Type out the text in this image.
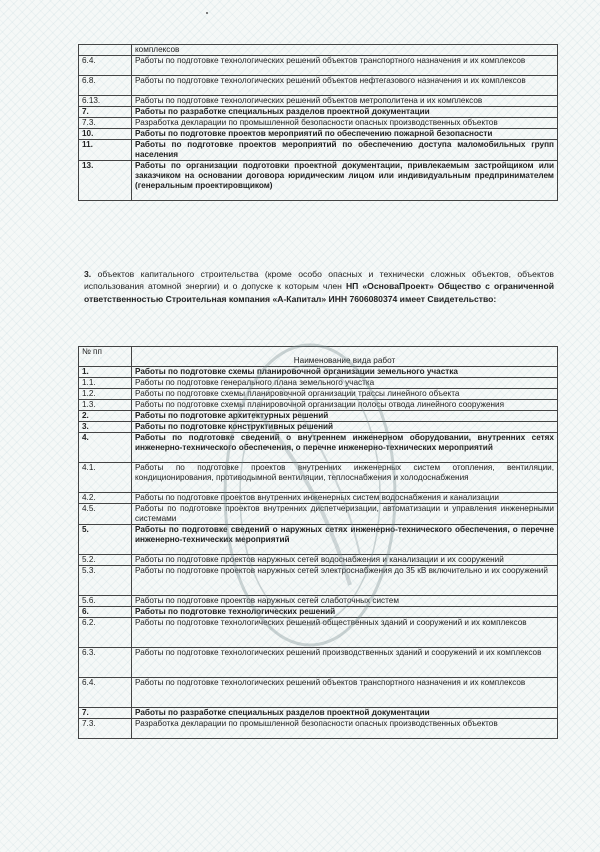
	комплексов
6.4.	Работы по подготовке технологических решений объектов транспортного назначения и их комплексов
6.8.	Работы по подготовке технологических решений объектов нефтегазового назначения и их комплексов
6.13.	Работы по подготовке технологических решений объектов метрополитена и их комплексов
7.	Работы по разработке специальных разделов проектной документации
7.3.	Разработка декларации по промышленной безопасности опасных производственных объектов
10.	Работы по подготовке проектов мероприятий по обеспечению пожарной безопасности
11.	Работы по подготовке проектов мероприятий по обеспечению доступа маломобильных групп населения
13.	Работы по организации подготовки проектной документации, привлекаемым застройщиком или заказчиком на основании договора юридическим лицом или индивидуальным предпринимателем (генеральным проектировщиком)
3. объектов капитального строительства (кроме особо опасных и технически сложных объектов, объектов использования атомной энергии) и о допуске к которым член НП «ОсноваПроект» Общество с ограниченной ответственностью Строительная компания «А-Капитал» ИНН 7606080374 имеет Свидетельство:
№ пп	Наименование вида работ
1.	Работы по подготовке схемы планировочной организации земельного участка
1.1.	Работы по подготовке генерального плана земельного участка
1.2.	Работы по подготовке схемы планировочной организации трассы линейного объекта
1.3.	Работы по подготовке схемы планировочной организации полосы отвода линейного сооружения
2.	Работы по подготовке архитектурных решений
3.	Работы по подготовке конструктивных решений
4.	Работы по подготовке сведений о внутреннем инженерном оборудовании, внутренних сетях инженерно-технического обеспечения, о перечне инженерно-технических мероприятий
4.1.	Работы по подготовке проектов внутренних инженерных систем отопления, вентиляции, кондиционирования, противодымной вентиляции, теплоснабжения и холодоснабжения
4.2.	Работы по подготовке проектов внутренних инженерных систем водоснабжения и канализации
4.5.	Работы по подготовке проектов внутренних диспетчеризации, автоматизации и управления инженерными системами
5.	Работы по подготовке сведений о наружных сетях инженерно-технического обеспечения, о перечне инженерно-технических мероприятий
5.2.	Работы по подготовке проектов наружных сетей водоснабжения и канализации и их сооружений
5.3.	Работы по подготовке проектов наружных сетей электроснабжения до 35 кВ включительно и их сооружений
5.6.	Работы по подготовке проектов наружных сетей слаботочных систем
6.	Работы по подготовке технологических решений
6.2.	Работы по подготовке технологических решений общественных зданий и сооружений и их комплексов
6.3.	Работы по подготовке технологических решений производственных зданий и сооружений и их комплексов
6.4.	Работы по подготовке технологических решений объектов транспортного назначения и их комплексов
7.	Работы по разработке специальных разделов проектной документации
7.3.	Разработка декларации по промышленной безопасности опасных производственных объектов
